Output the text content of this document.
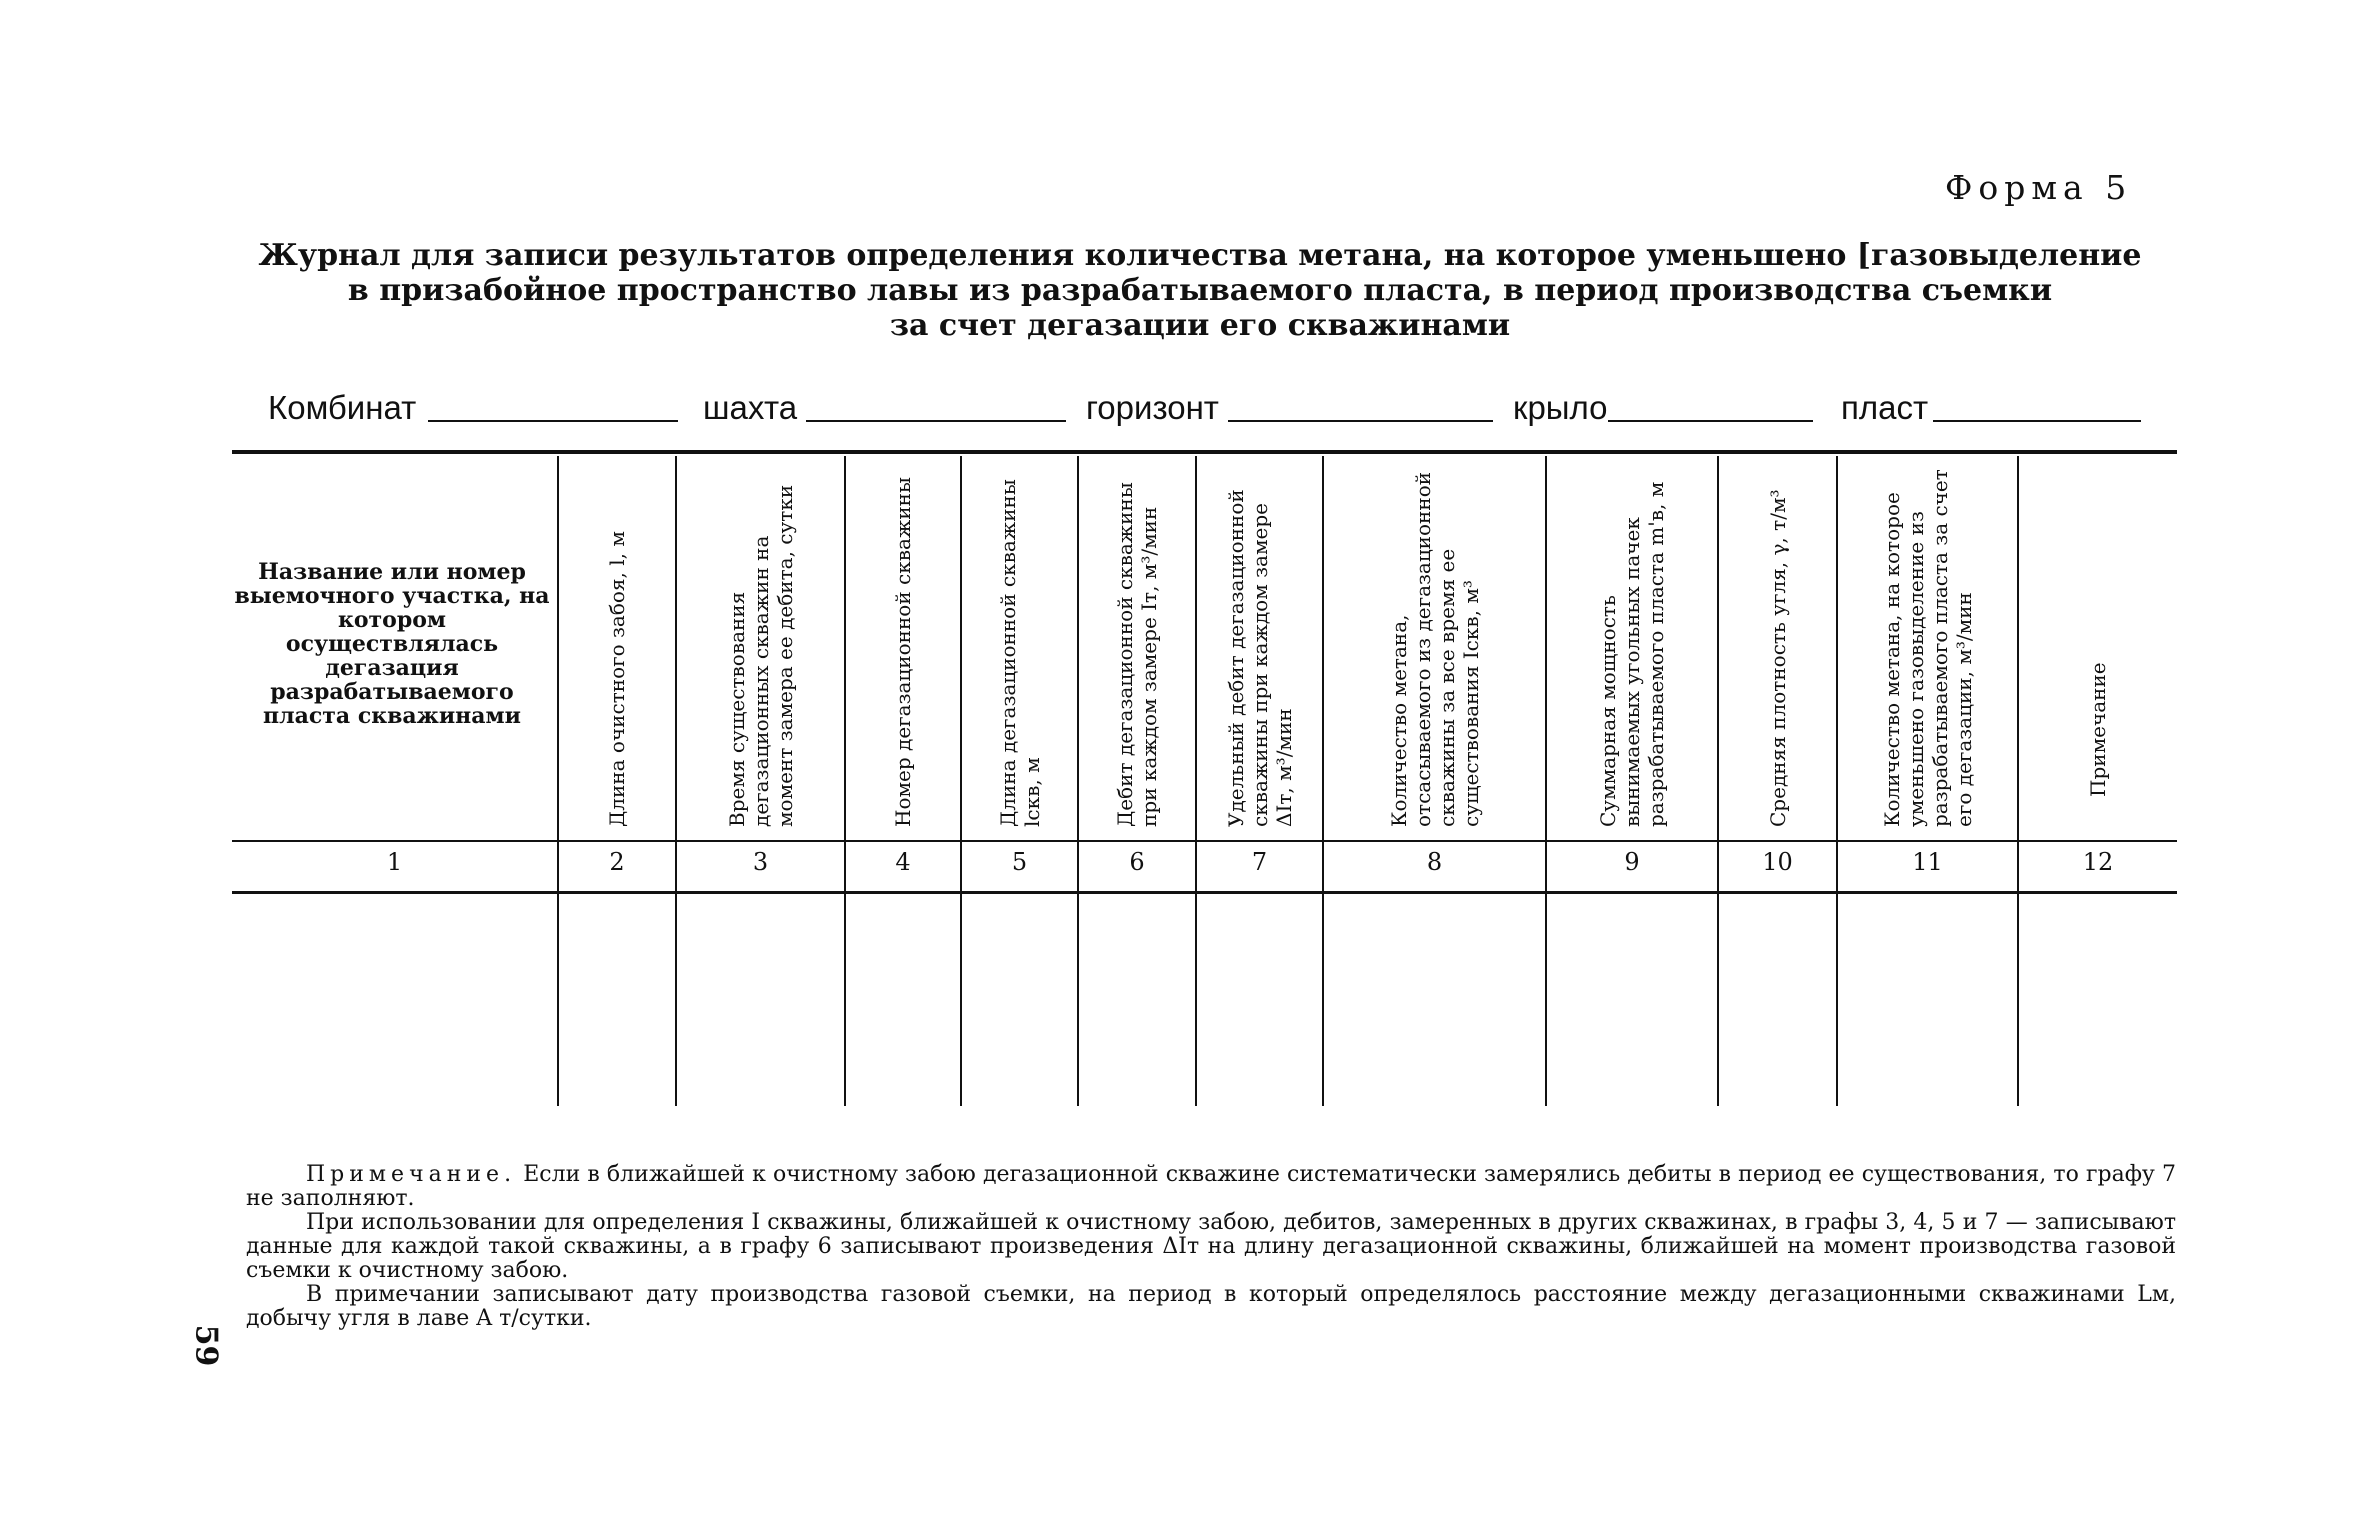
Форма 5
Журнал для записи результатов определения количества метана, на которое уменьшено [газовыделение
в призабойное пространство лавы из разрабатываемого пласта, в период производства съемки
за счет дегазации его скважинами
Комбинат	шахта	горизонт	крыло	пласт
Название или номер выемочного участка, на котором осуществлялась дегазация разрабатываемого пласта скважинами	Длина очистного забоя, l, м	Время существования дегазационных скважин на момент замера ее дебита, сутки	Номер дегазационной скважины	Длина дегазационной скважины lскв, м	Дебит дегазационной скважины при каждом замере Iт, м³/мин	Удельный дебит дегазационной скважины при каждом замере ΔIт, м³/мин	Количество метана, отсасываемого из дегазационной скважины за все время ее существования Iскв, м³	Суммарная мощность вынимаемых угольных пачек разрабатываемого пласта m'в, м	Средняя плотность угля, γ, т/м³	Количество метана, на которое уменьшено газовыделение из разрабатываемого пласта за счет его дегазации, м³/мин	Примечание
1	2	3	4	5	6	7	8	9	10	11	12

Примечание. Если в ближайшей к очистному забою дегазационной скважине систематически замерялись дебиты в период ее существования, то графу 7 не заполняют.

При использовании для определения I скважины, ближайшей к очистному забою, дебитов, замеренных в других скважинах, в графы 3, 4, 5 и 7 — записывают данные для каждой такой скважины, а в графу 6 записывают произведения ΔIт на длину дегазационной скважины, ближайшей на момент производства газовой съемки к очистному забою.

В примечании записывают дату производства газовой съемки, на период в который определялось расстояние между дегазационными скважинами Lм, добычу угля в лаве A т/сутки.

59
